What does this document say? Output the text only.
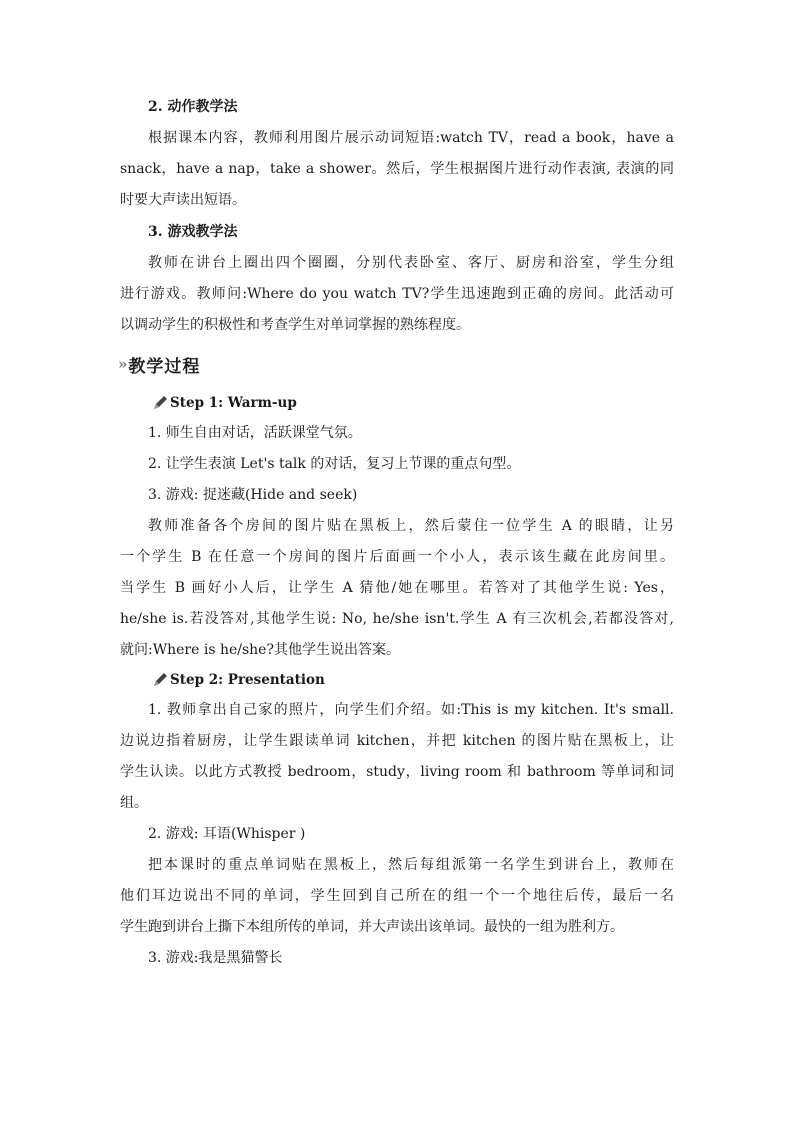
2. 动作教学法
根据课本内容，教师利用图片展示动词短语:watch TV，read a book，have a
snack，have a nap，take a shower。然后，学生根据图片进行动作表演, 表演的同
时要大声读出短语。
3. 游戏教学法
教师在讲台上圈出四个圈圈，分别代表卧室、客厅、厨房和浴室，学生分组
进行游戏。教师问:Where do you watch TV?学生迅速跑到正确的房间。此活动可
以调动学生的积极性和考查学生对单词掌握的熟练程度。
» 教学过程
Step 1: Warm-up
1. 师生自由对话，活跃课堂气氛。
2. 让学生表演 Let's talk 的对话，复习上节课的重点句型。
3. 游戏: 捉迷藏(Hide and seek)
教师准备各个房间的图片贴在黑板上，然后蒙住一位学生 A 的眼睛，让另
一个学生 B 在任意一个房间的图片后面画一个小人，表示该生藏在此房间里。
当学生 B 画好小人后，让学生 A 猜他/她在哪里。若答对了其他学生说: Yes，
he/she is.若没答对,其他学生说: No, he/she isn't.学生 A 有三次机会,若都没答对,
就问:Where is he/she?其他学生说出答案。
Step 2: Presentation
1. 教师拿出自己家的照片，向学生们介绍。如:This is my kitchen. It's small.
边说边指着厨房，让学生跟读单词 kitchen，并把 kitchen 的图片贴在黑板上，让
学生认读。以此方式教授 bedroom，study，living room 和 bathroom 等单词和词
组。
2. 游戏: 耳语(Whisper )
把本课时的重点单词贴在黑板上，然后每组派第一名学生到讲台上，教师在
他们耳边说出不同的单词，学生回到自己所在的组一个一个地往后传，最后一名
学生跑到讲台上撕下本组所传的单词，并大声读出该单词。最快的一组为胜利方。
3. 游戏:我是黑猫警长
